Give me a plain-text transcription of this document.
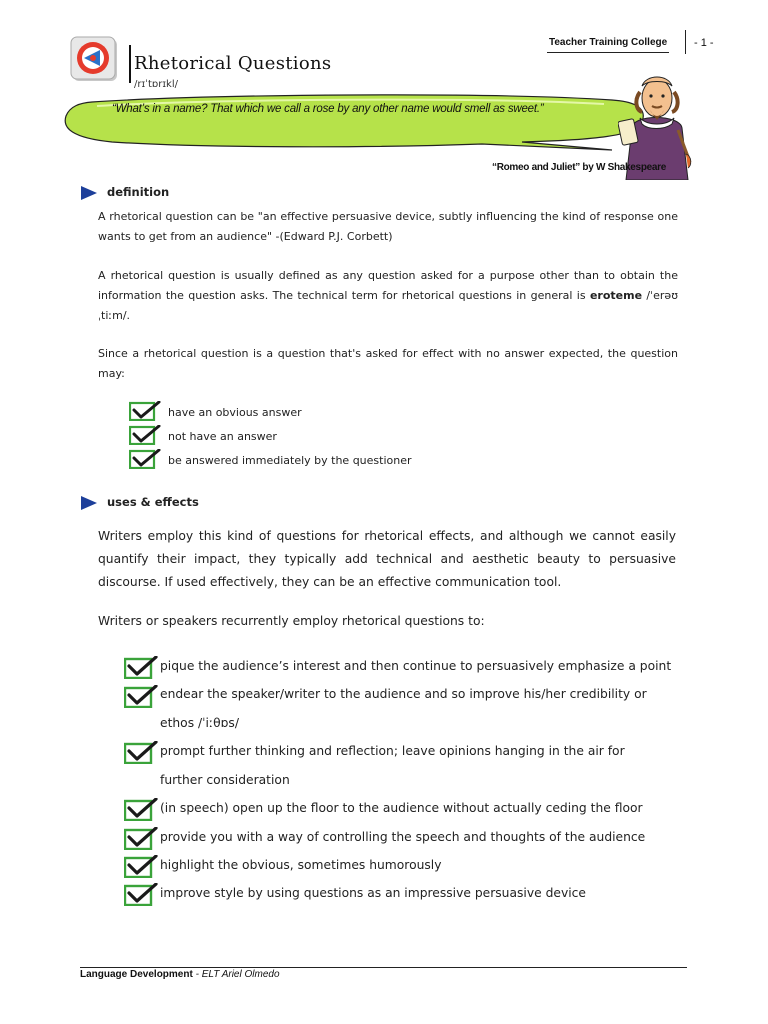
Teacher Training College - 1 -
Rhetorical Questions
/rɪˈtɒrɪkl/
“What’s in a name? That which we call a rose by any other name would smell as sweet.”
“Romeo and Juliet” by W Shakespeare
definition
A rhetorical question can be "an effective persuasive device, subtly influencing the kind of response one wants to get from an audience" -(Edward P.J. Corbett)
A rhetorical question is usually defined as any question asked for a purpose other than to obtain the information the question asks. The technical term for rhetorical questions in general is eroteme /ˈerəʊˌtiːm/.
Since a rhetorical question is a question that's asked for effect with no answer expected, the question may:
have an obvious answer
not have an answer
be answered immediately by the questioner
uses & effects
Writers employ this kind of questions for rhetorical effects, and although we cannot easily quantify their impact, they typically add technical and aesthetic beauty to persuasive discourse. If used effectively, they can be an effective communication tool.
Writers or speakers recurrently employ rhetorical questions to:
pique the audience’s interest and then continue to persuasively emphasize a point
endear the speaker/writer to the audience and so improve his/her credibility or
ethos /ˈiːθɒs/
prompt further thinking and reflection; leave opinions hanging in the air for
further consideration
(in speech) open up the floor to the audience without actually ceding the floor
provide you with a way of controlling the speech and thoughts of the audience
highlight the obvious, sometimes humorously
improve style by using questions as an impressive persuasive device
Language Development - ELT Ariel Olmedo
